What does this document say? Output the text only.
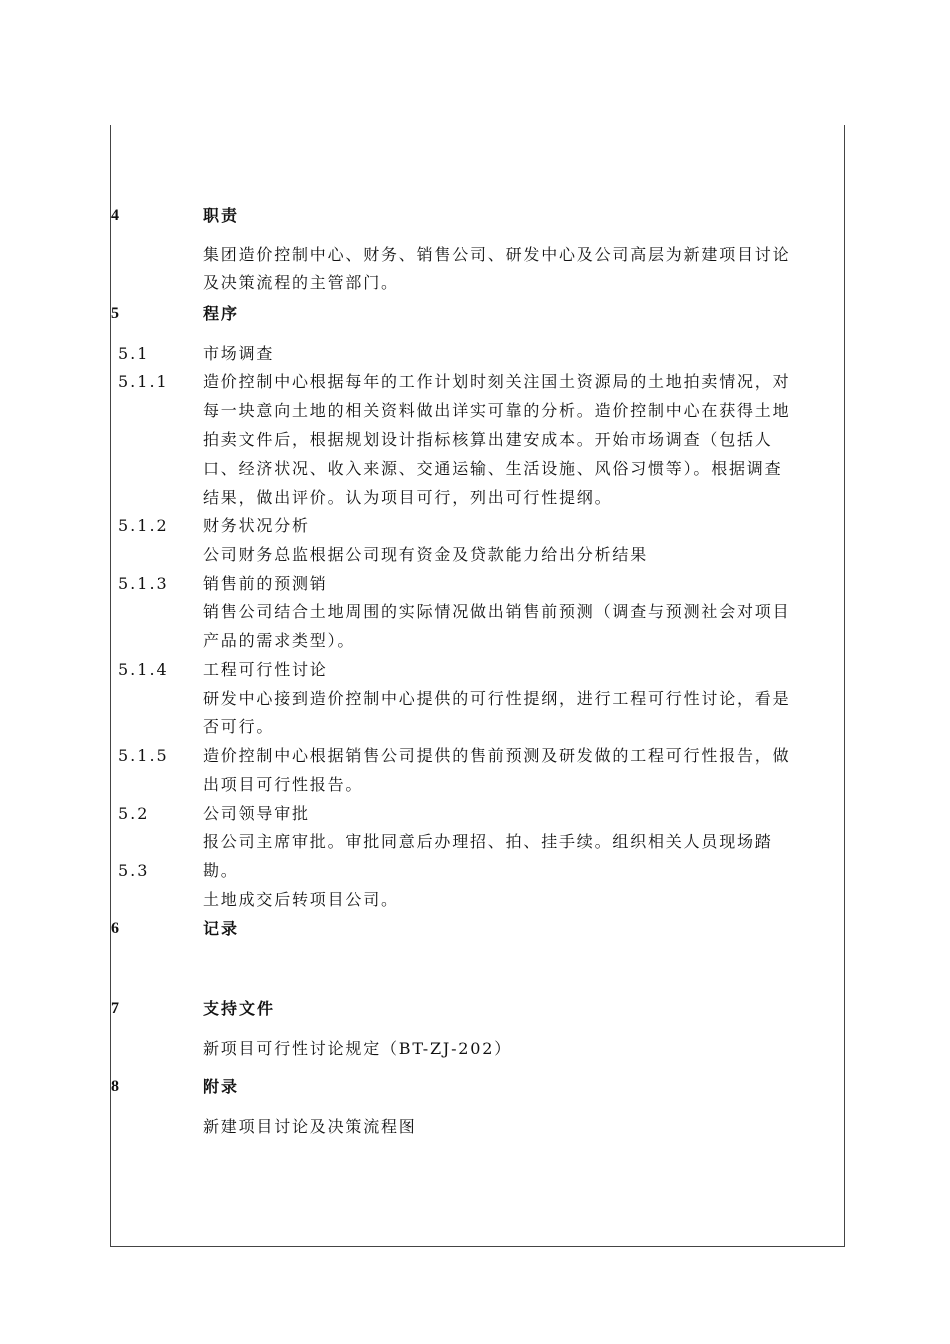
4	职责
集团造价控制中心、财务、销售公司、研发中心及公司高层为新建项目讨论
及决策流程的主管部门。
5	程序
5.1	市场调查
5.1.1 造价控制中心根据每年的工作计划时刻关注国土资源局的土地拍卖情况，对
每一块意向土地的相关资料做出详实可靠的分析。造价控制中心在获得土地
拍卖文件后，根据规划设计指标核算出建安成本。开始市场调查（包括人
口、经济状况、收入来源、交通运输、生活设施、风俗习惯等）。根据调查
结果，做出评价。认为项目可行，列出可行性提纲。
5.1.2 财务状况分析
公司财务总监根据公司现有资金及贷款能力给出分析结果
5.1.3 销售前的预测销
销售公司结合土地周围的实际情况做出销售前预测（调查与预测社会对项目
产品的需求类型）。
5.1.4 工程可行性讨论
研发中心接到造价控制中心提供的可行性提纲，进行工程可行性讨论，看是
否可行。
5.1.5 造价控制中心根据销售公司提供的售前预测及研发做的工程可行性报告，做
出项目可行性报告。
5.2	公司领导审批
报公司主席审批。审批同意后办理招、拍、挂手续。组织相关人员现场踏
勘。
5.3
土地成交后转项目公司。
6	记录
7	支持文件
新项目可行性讨论规定（BT-ZJ-202）
8	附录
新建项目讨论及决策流程图
